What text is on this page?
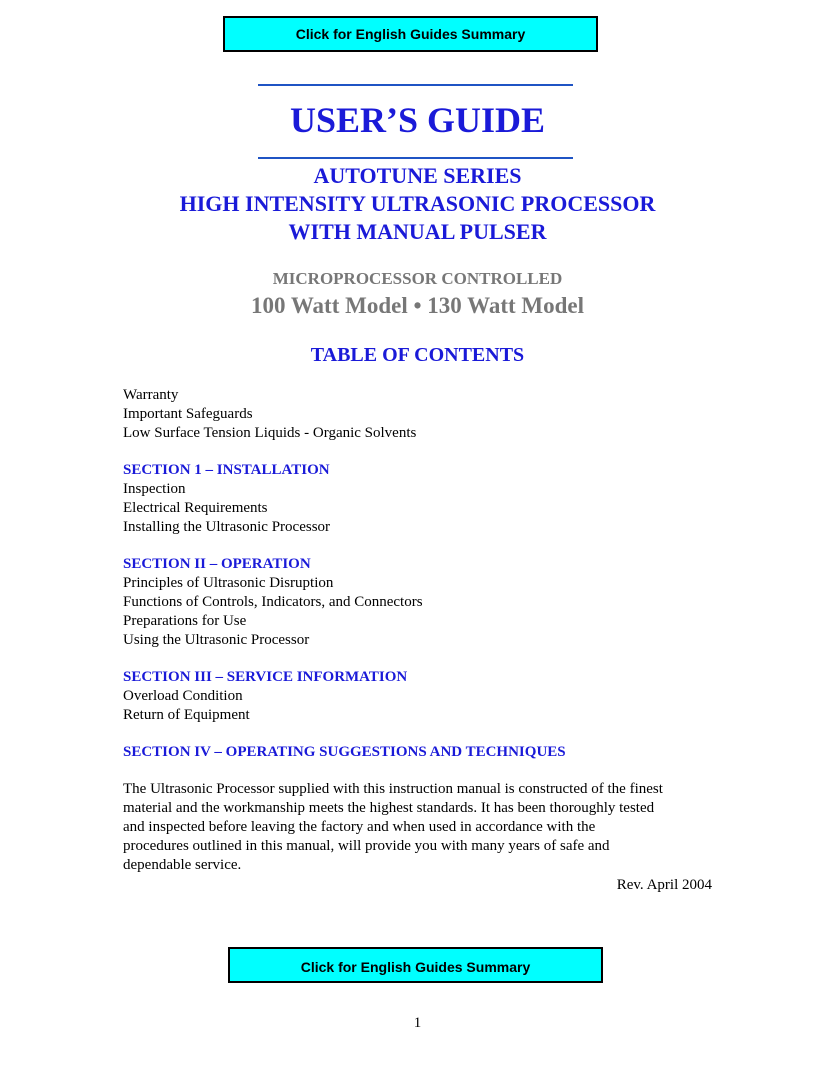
Click for English Guides Summary
USER’S GUIDE
AUTOTUNE SERIES
HIGH INTENSITY ULTRASONIC PROCESSOR
WITH MANUAL PULSER
MICROPROCESSOR CONTROLLED
100 Watt Model • 130 Watt Model
TABLE OF CONTENTS
Warranty
Important Safeguards
Low Surface Tension Liquids - Organic Solvents
SECTION 1 – INSTALLATION
Inspection
Electrical Requirements
Installing the Ultrasonic Processor
SECTION II – OPERATION
Principles of Ultrasonic Disruption
Functions of Controls, Indicators, and Connectors
Preparations for Use
Using the Ultrasonic Processor
SECTION III – SERVICE INFORMATION
Overload Condition
Return of Equipment
SECTION IV – OPERATING SUGGESTIONS AND TECHNIQUES
The Ultrasonic Processor supplied with this instruction manual is constructed of the finest
material and the workmanship meets the highest standards. It has been thoroughly tested
and inspected before leaving the factory and when used in accordance with the
procedures outlined in this manual, will provide you with many years of safe and
dependable service.
Rev. April 2004
Click for English Guides Summary
1
